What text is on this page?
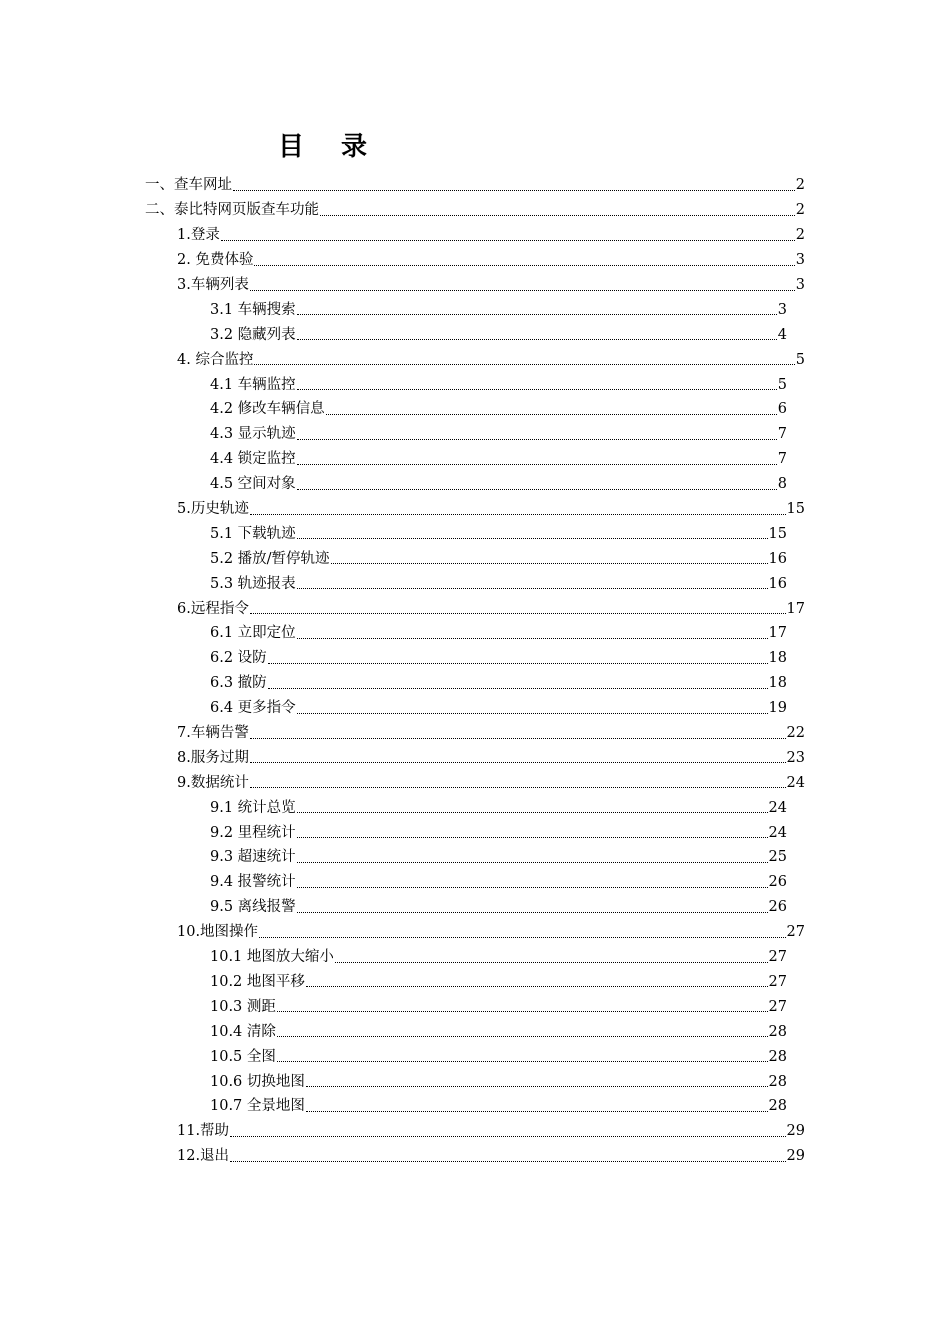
目 录
一、查车网址	2
二、泰比特网页版查车功能	2
1.登录	2
2. 免费体验	3
3.车辆列表	3
3.1 车辆搜索	3
3.2 隐藏列表	4
4. 综合监控	5
4.1 车辆监控	5
4.2 修改车辆信息	6
4.3 显示轨迹	7
4.4 锁定监控	7
4.5 空间对象	8
5.历史轨迹	15
5.1 下载轨迹	15
5.2 播放/暂停轨迹	16
5.3 轨迹报表	16
6.远程指令	17
6.1 立即定位	17
6.2 设防	18
6.3 撤防	18
6.4 更多指令	19
7.车辆告警	22
8.服务过期	23
9.数据统计	24
9.1 统计总览	24
9.2 里程统计	24
9.3 超速统计	25
9.4 报警统计	26
9.5 离线报警	26
10.地图操作	27
10.1 地图放大缩小	27
10.2 地图平移	27
10.3 测距	27
10.4 清除	28
10.5 全图	28
10.6 切换地图	28
10.7 全景地图	28
11.帮助	29
12.退出	29
